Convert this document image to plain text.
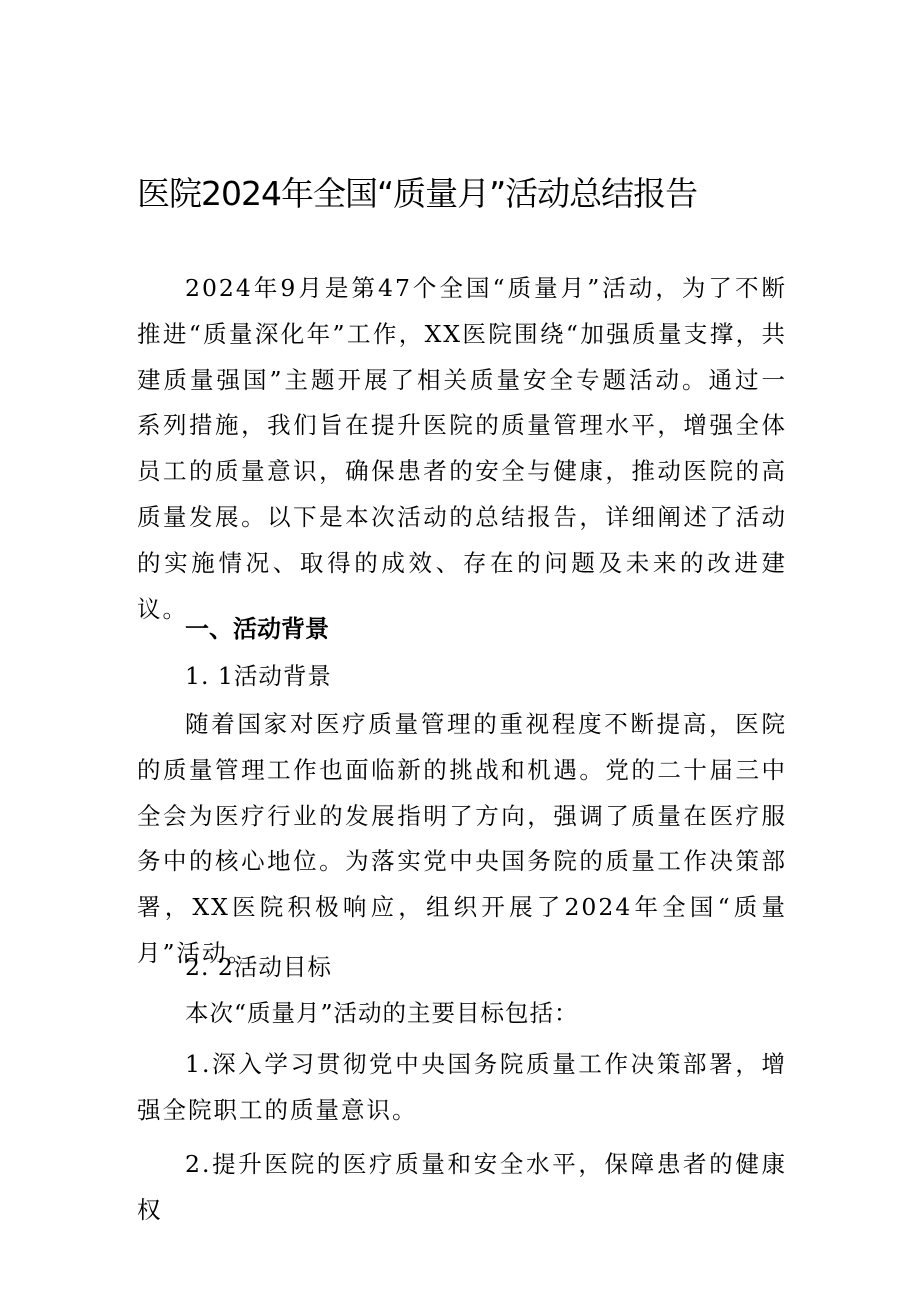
医院2024年全国“质量月”活动总结报告

2024年9月是第47个全国“质量月”活动，为了不断推进“质量深化年”工作，XX医院围绕“加强质量支撑，共建质量强国”主题开展了相关质量安全专题活动。通过一系列措施，我们旨在提升医院的质量管理水平，增强全体员工的质量意识，确保患者的安全与健康，推动医院的高质量发展。以下是本次活动的总结报告，详细阐述了活动的实施情况、取得的成效、存在的问题及未来的改进建议。

一、活动背景

1. 1活动背景

随着国家对医疗质量管理的重视程度不断提高，医院的质量管理工作也面临新的挑战和机遇。党的二十届三中全会为医疗行业的发展指明了方向，强调了质量在医疗服务中的核心地位。为落实党中央国务院的质量工作决策部署，XX医院积极响应，组织开展了2024年全国“质量月”活动。

2. 2活动目标

本次“质量月”活动的主要目标包括：

1.深入学习贯彻党中央国务院质量工作决策部署，增强全院职工的质量意识。

2.提升医院的医疗质量和安全水平，保障患者的健康权
